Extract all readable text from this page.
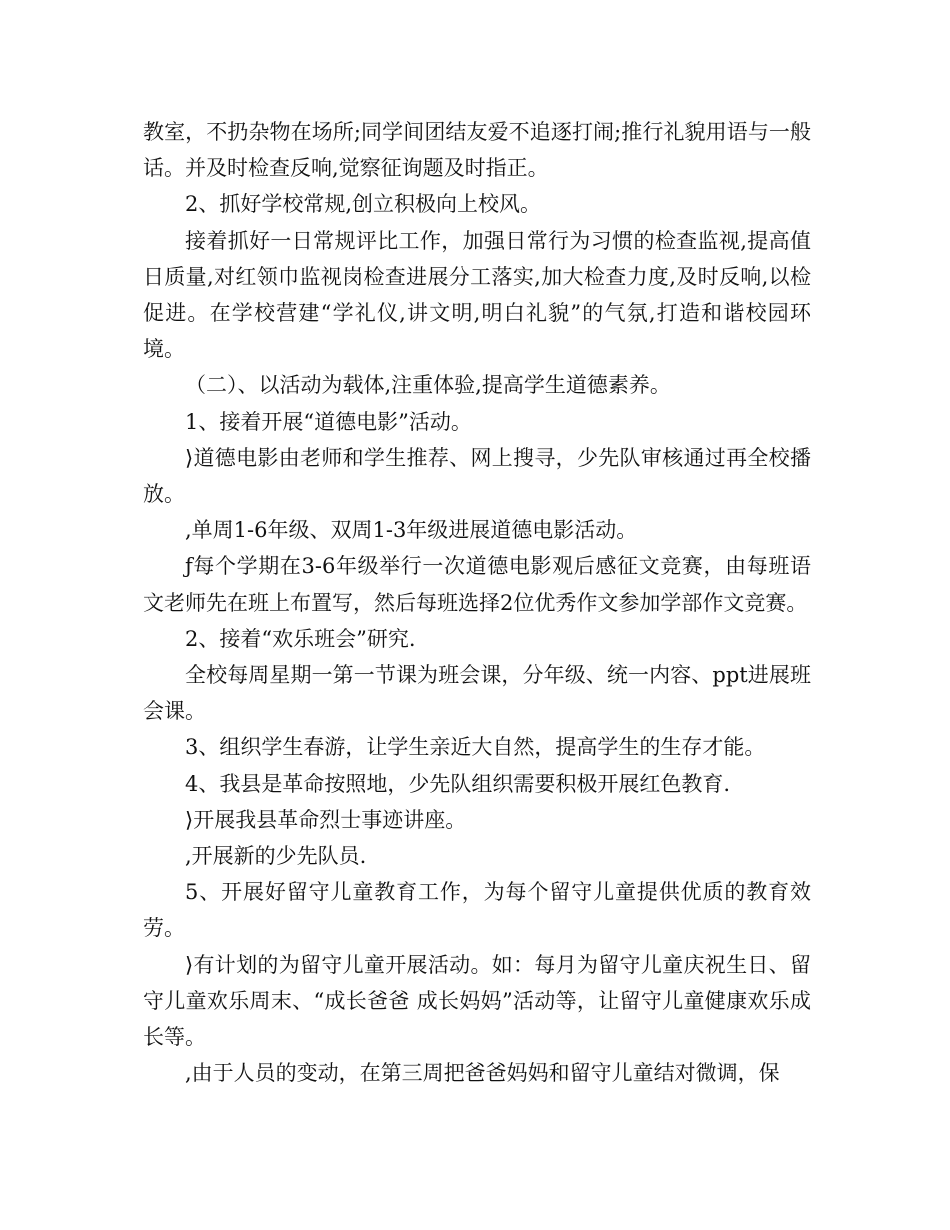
教室，不扔杂物在场所;同学间团结友爱不追逐打闹;推行礼貌用语与一般话。并及时检查反响,觉察征询题及时指正。

2、抓好学校常规,创立积极向上校风。

接着抓好一日常规评比工作，加强日常行为习惯的检查监视,提高值日质量,对红领巾监视岗检查进展分工落实,加大检查力度,及时反响,以检促进。在学校营建“学礼仪,讲文明,明白礼貌”的气氛,打造和谐校园环境。

（二）、以活动为载体,注重体验,提高学生道德素养。

1、接着开展“道德电影”活动。

⟩道德电影由老师和学生推荐、网上搜寻，少先队审核通过再全校播放。

,单周1-6年级、双周1-3年级进展道德电影活动。

ƒ每个学期在3-6年级举行一次道德电影观后感征文竞赛，由每班语文老师先在班上布置写，然后每班选择2位优秀作文参加学部作文竞赛。

2、接着“欢乐班会”研究.

全校每周星期一第一节课为班会课，分年级、统一内容、ppt进展班会课。

3、组织学生春游，让学生亲近大自然，提高学生的生存才能。

4、我县是革命按照地，少先队组织需要积极开展红色教育.

⟩开展我县革命烈士事迹讲座。

,开展新的少先队员.

5、开展好留守儿童教育工作，为每个留守儿童提供优质的教育效劳。

⟩有计划的为留守儿童开展活动。如：每月为留守儿童庆祝生日、留守儿童欢乐周末、“成长爸爸 成长妈妈”活动等，让留守儿童健康欢乐成长等。

,由于人员的变动，在第三周把爸爸妈妈和留守儿童结对微调，保
